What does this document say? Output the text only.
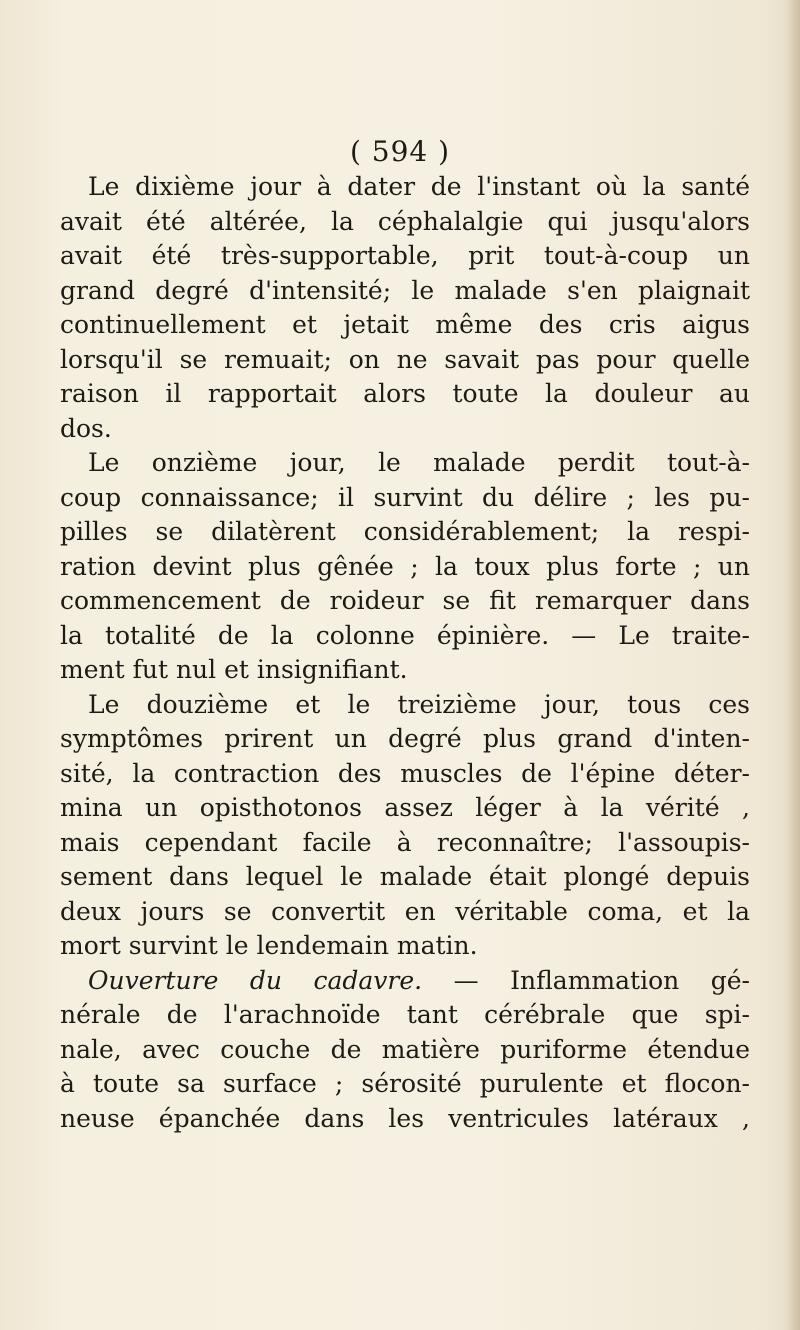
( 594 )
Le dixième jour à dater de l'instant où la santé
avait été altérée, la céphalalgie qui jusqu'alors
avait été très-supportable, prit tout-à-coup un
grand degré d'intensité; le malade s'en plaignait
continuellement et jetait même des cris aigus
lorsqu'il se remuait; on ne savait pas pour quelle
raison il rapportait alors toute la douleur au
dos.
Le onzième jour, le malade perdit tout-à-
coup connaissance; il survint du délire ; les pu-
pilles se dilatèrent considérablement; la respi-
ration devint plus gênée ; la toux plus forte ; un
commencement de roideur se fit remarquer dans
la totalité de la colonne épinière. — Le traite-
ment fut nul et insignifiant.
Le douzième et le treizième jour, tous ces
symptômes prirent un degré plus grand d'inten-
sité, la contraction des muscles de l'épine déter-
mina un opisthotonos assez léger à la vérité ,
mais cependant facile à reconnaître; l'assoupis-
sement dans lequel le malade était plongé depuis
deux jours se convertit en véritable coma, et la
mort survint le lendemain matin.
Ouverture du cadavre. — Inflammation gé-
nérale de l'arachnoïde tant cérébrale que spi-
nale, avec couche de matière puriforme étendue
à toute sa surface ; sérosité purulente et flocon-
neuse épanchée dans les ventricules latéraux ,
